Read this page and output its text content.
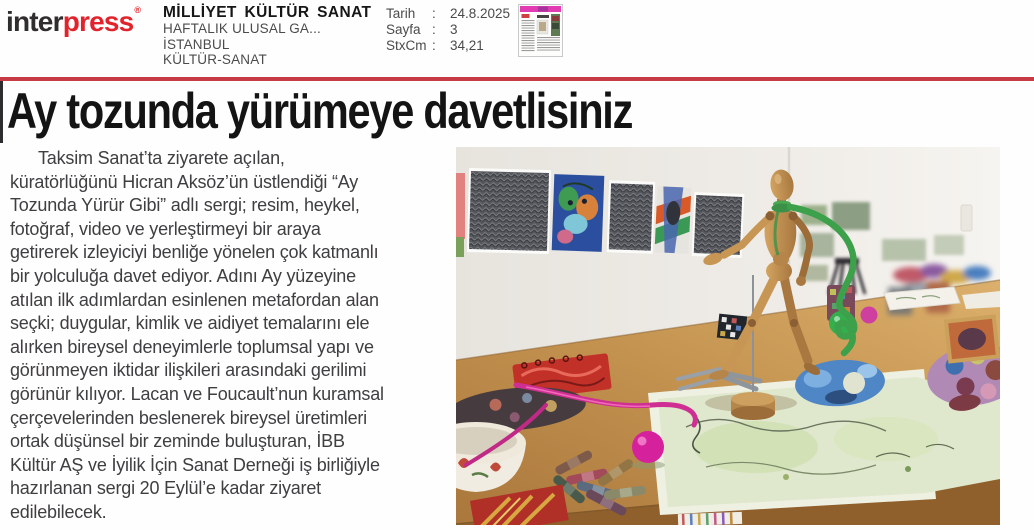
interpress® MİLLİYET KÜLTÜR SANAT
HAFTALIK ULUSAL GA...
İSTANBUL
KÜLTÜR-SANAT
Tarih	:	24.8.2025
Sayfa :	3
StxCm :	34,21
Ay tozunda yürümeye davetlisiniz
Taksim Sanat’ta ziyarete açılan,
küratörlüğünü Hicran Aksöz’ün üstlendiği “Ay
Tozunda Yürür Gibi” adlı sergi; resim, heykel,
fotoğraf, video ve yerleştirmeyi bir araya
getirerek izleyiciyi benliğe yönelen çok katmanlı
bir yolculuğa davet ediyor. Adını Ay yüzeyine
atılan ilk adımlardan esinlenen metafordan alan
seçki; duygular, kimlik ve aidiyet temalarını ele
alırken bireysel deneyimlerle toplumsal yapı ve
görünmeyen iktidar ilişkileri arasındaki gerilimi
görünür kılıyor. Lacan ve Foucault’nun kuramsal
çerçevelerinden beslenerek bireysel üretimleri
ortak düşünsel bir zeminde buluşturan, İBB
Kültür AŞ ve İyilik İçin Sanat Derneği iş birliğiyle
hazırlanan sergi 20 Eylül’e kadar ziyaret
edilebilecek.
